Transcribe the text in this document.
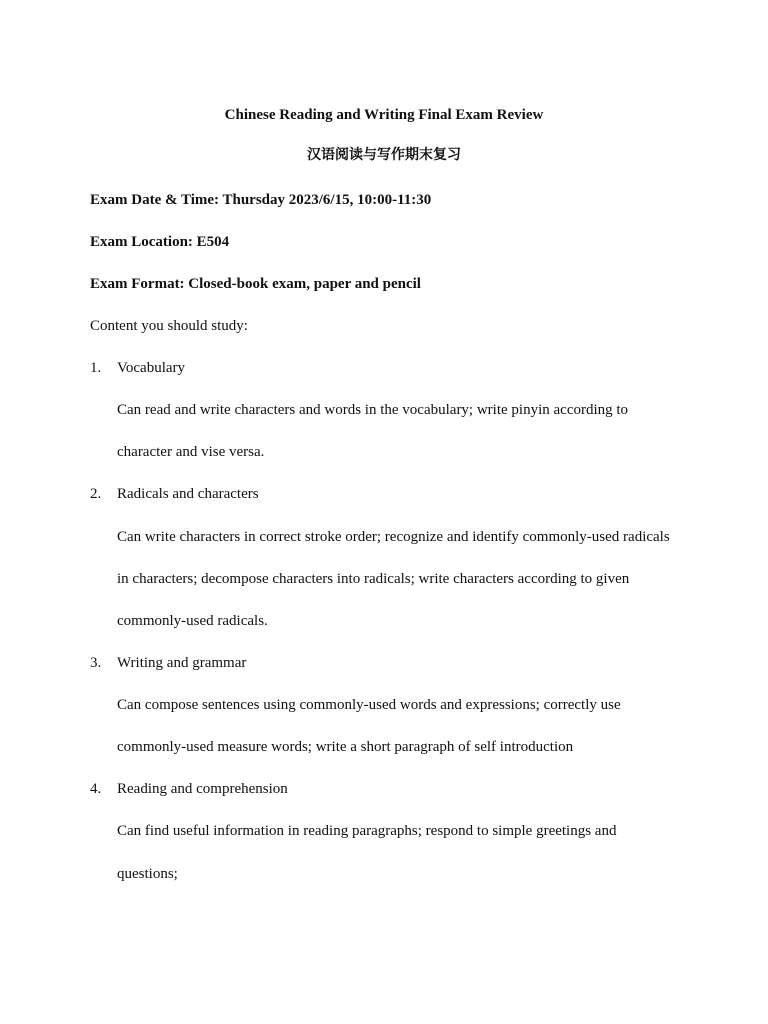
Chinese Reading and Writing Final Exam Review
汉语阅读与写作期末复习
Exam Date & Time: Thursday 2023/6/15, 10:00-11:30
Exam Location: E504
Exam Format: Closed-book exam, paper and pencil
Content you should study:
1.	Vocabulary
Can read and write characters and words in the vocabulary; write pinyin according to
character and vise versa.
2.	Radicals and characters
Can write characters in correct stroke order; recognize and identify commonly-used radicals
in characters; decompose characters into radicals; write characters according to given
commonly-used radicals.
3.	Writing and grammar
Can compose sentences using commonly-used words and expressions; correctly use
commonly-used measure words; write a short paragraph of self introduction
4.	Reading and comprehension
Can find useful information in reading paragraphs; respond to simple greetings and
questions;
